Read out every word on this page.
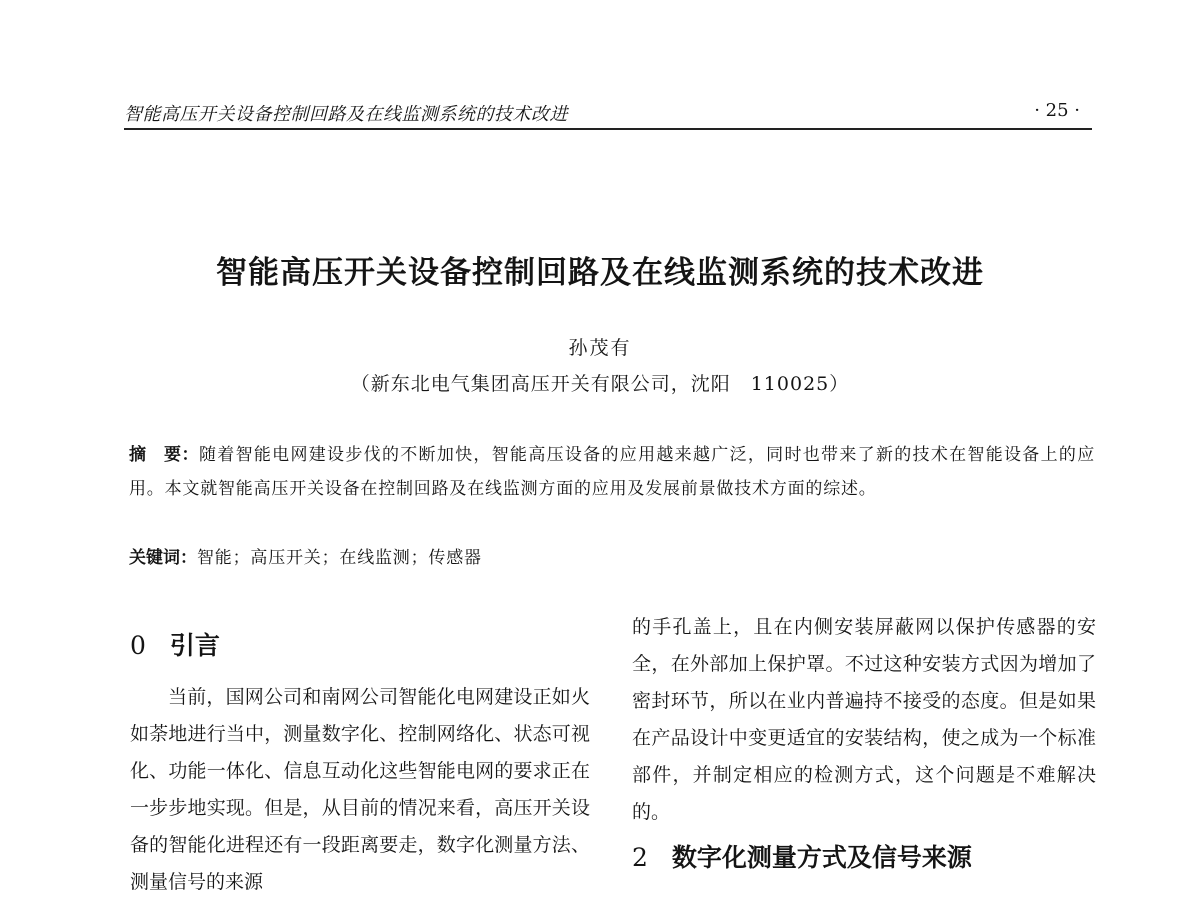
智能高压开关设备控制回路及在线监测系统的技术改进	· 25 ·
智能高压开关设备控制回路及在线监测系统的技术改进
孙茂有
（新东北电气集团高压开关有限公司，沈阳　110025）
摘　要：随着智能电网建设步伐的不断加快，智能高压设备的应用越来越广泛，同时也带来了新的技术在智能设备上的应用。本文就智能高压开关设备在控制回路及在线监测方面的应用及发展前景做技术方面的综述。
关键词：智能；高压开关；在线监测；传感器
0 引言

当前，国网公司和南网公司智能化电网建设正如火如荼地进行当中，测量数字化、控制网络化、状态可视化、功能一体化、信息互动化这些智能电网的要求正在一步步地实现。但是，从目前的情况来看，高压开关设备的智能化进程还有一段距离要走，数字化测量方法、测量信号的来源

的手孔盖上，且在内侧安装屏蔽网以保护传感器的安全，在外部加上保护罩。不过这种安装方式因为增加了密封环节，所以在业内普遍持不接受的态度。但是如果在产品设计中变更适宜的安装结构，使之成为一个标准部件，并制定相应的检测方式，这个问题是不难解决的。

2 数字化测量方式及信号来源
